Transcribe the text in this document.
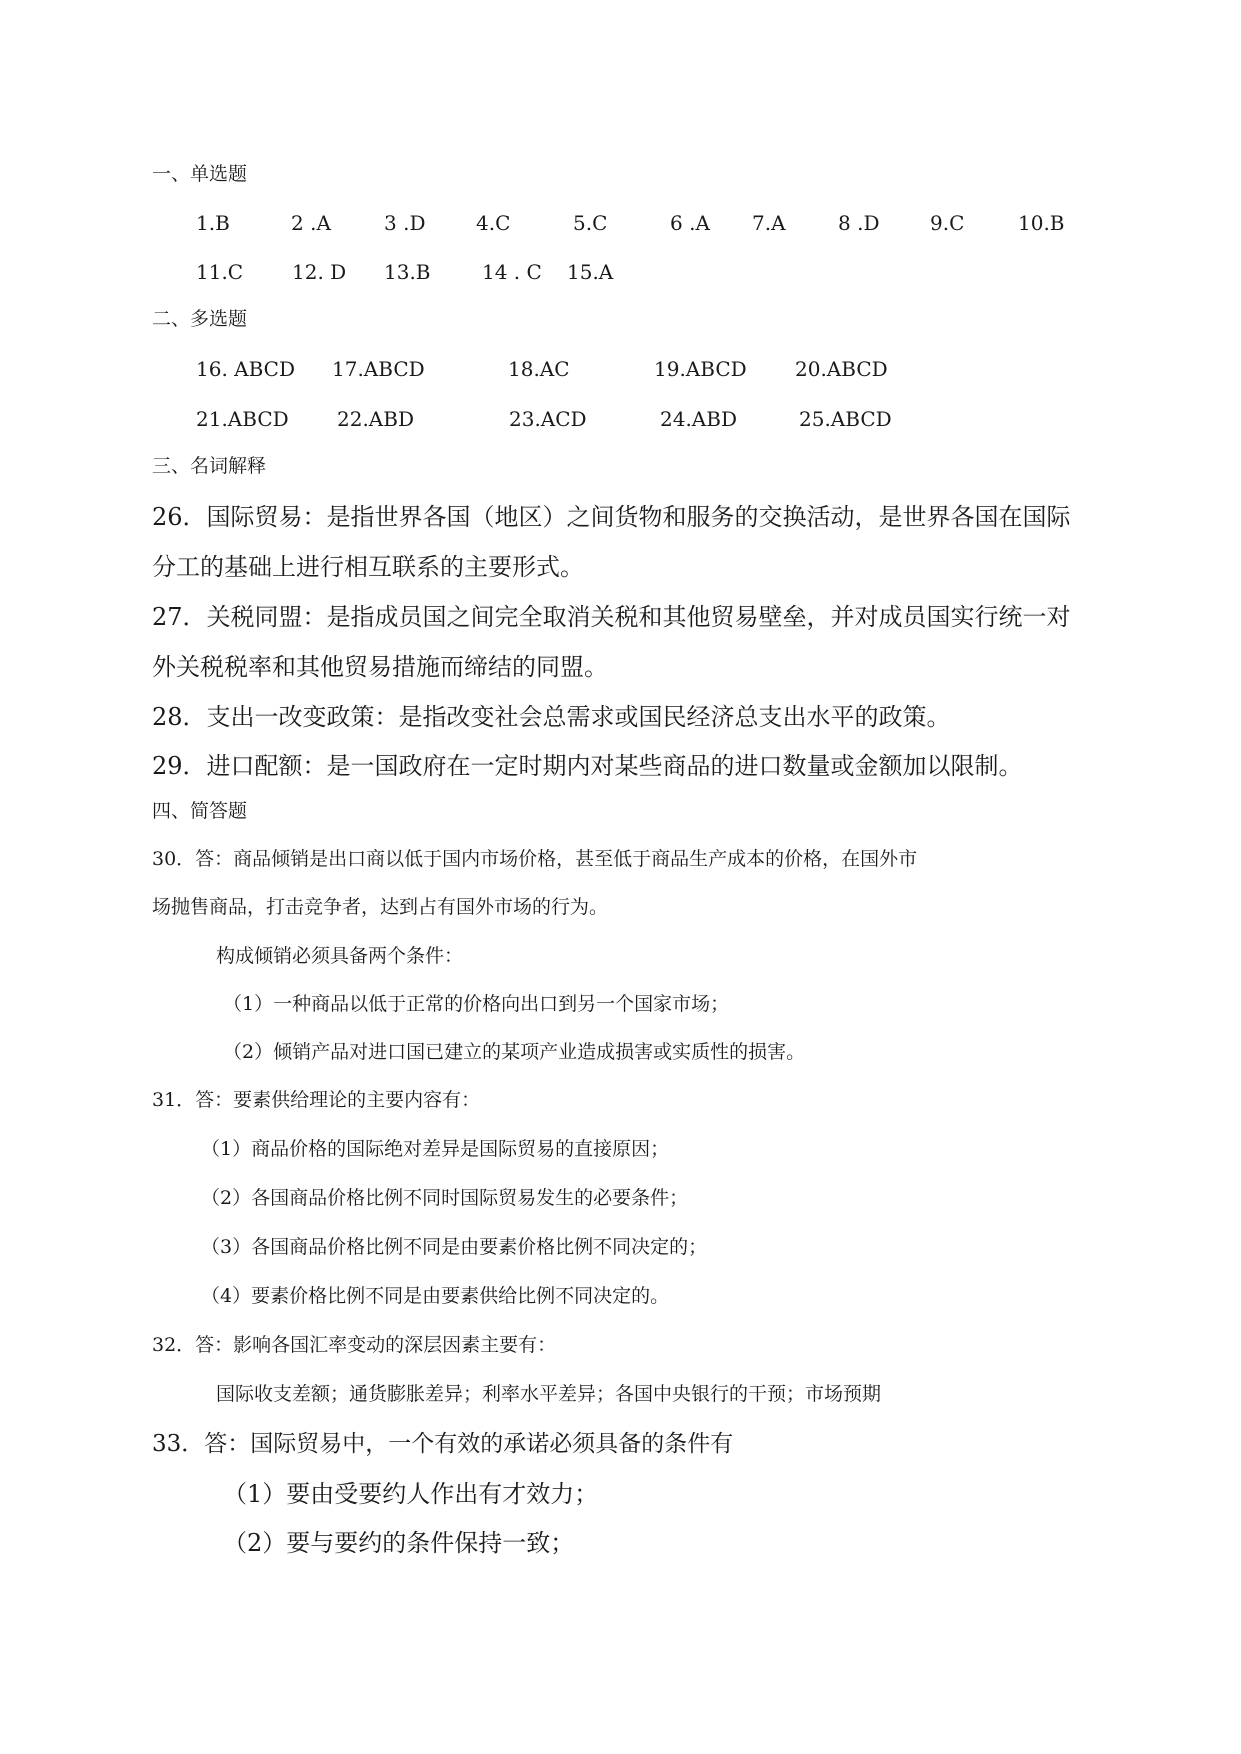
一、单选题
1.B	2 .A	3 .D	4.C	5.C	6 .A 7.A	8 .D	9.C	10.B
11.C 12. D 13.B	14 . C 15.A
二、多选题
16. ABCD 17.ABCD	18.AC	19.ABCD 20.ABCD
21.ABCD 22.ABD	23.ACD	24.ABD	25.ABCD
三、名词解释
26．国际贸易：是指世界各国（地区）之间货物和服务的交换活动，是世界各国在国际
分工的基础上进行相互联系的主要形式。
27．关税同盟：是指成员国之间完全取消关税和其他贸易壁垒，并对成员国实行统一对
外关税税率和其他贸易措施而缔结的同盟。
28．支出一改变政策：是指改变社会总需求或国民经济总支出水平的政策。
29．进口配额：是一国政府在一定时期内对某些商品的进口数量或金额加以限制。
四、简答题
30．答：商品倾销是出口商以低于国内市场价格，甚至低于商品生产成本的价格，在国外市
场抛售商品，打击竞争者，达到占有国外市场的行为。
构成倾销必须具备两个条件：
（1）一种商品以低于正常的价格向出口到另一个国家市场；
（2）倾销产品对进口国已建立的某项产业造成损害或实质性的损害。
31．答：要素供给理论的主要内容有：
（1）商品价格的国际绝对差异是国际贸易的直接原因；
（2）各国商品价格比例不同时国际贸易发生的必要条件；
（3）各国商品价格比例不同是由要素价格比例不同决定的；
（4）要素价格比例不同是由要素供给比例不同决定的。
32．答：影响各国汇率变动的深层因素主要有：
国际收支差额；通货膨胀差异；利率水平差异；各国中央银行的干预；市场预期
33．答：国际贸易中，一个有效的承诺必须具备的条件有
（1）要由受要约人作出有才效力；
（2）要与要约的条件保持一致；
